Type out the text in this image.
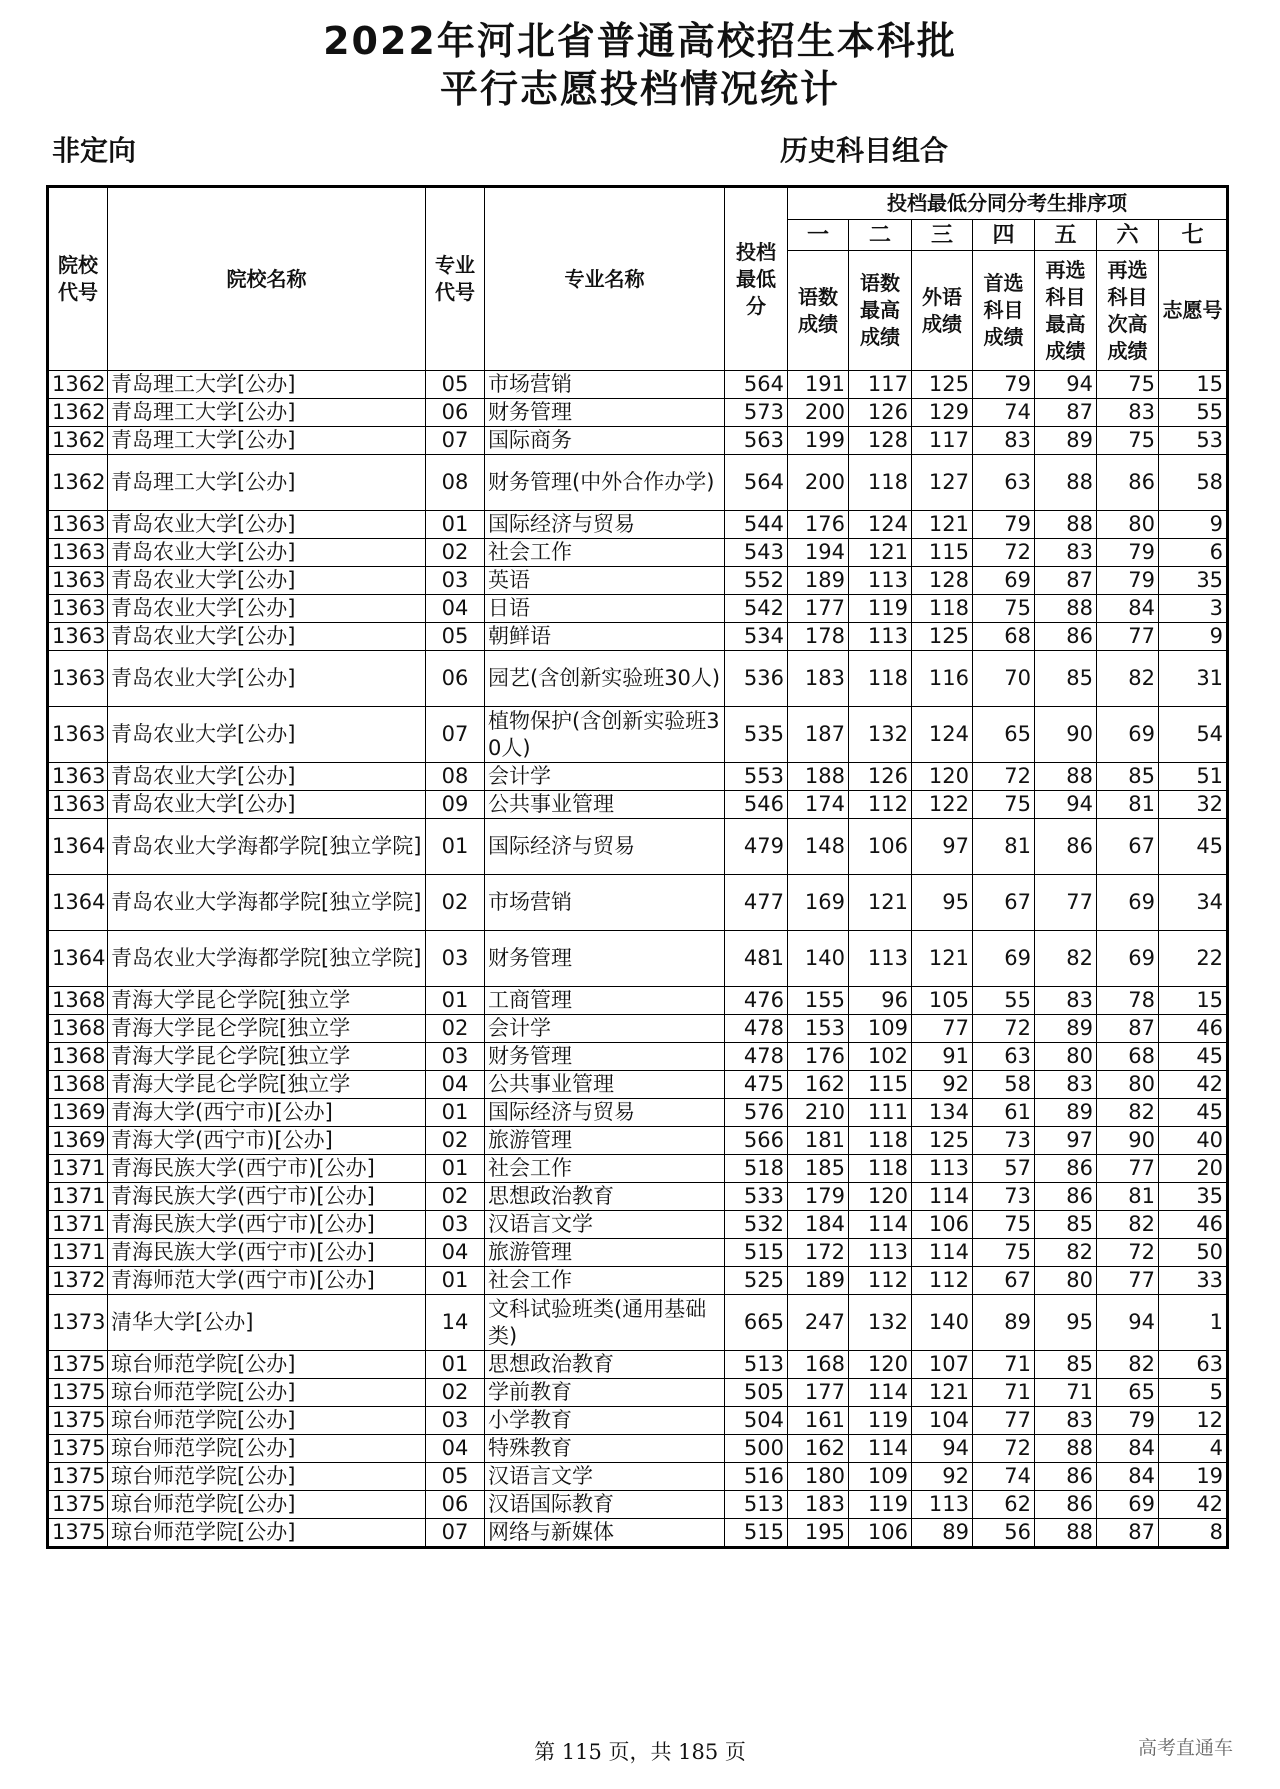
2022年河北省普通高校招生本科批
平行志愿投档情况统计
非定向	历史科目组合
院校代号	院校名称	专业代号	专业名称	投档最低分	投档最低分同分考生排序项						
					一	二	三	四	五	六	七
					语数成绩	语数最高成绩	外语成绩	首选科目成绩	再选科目最高成绩	再选科目次高成绩	志愿号
1362	青岛理工大学[公办]	05	市场营销	564	191	117	125	79	94	75	15
1362	青岛理工大学[公办]	06	财务管理	573	200	126	129	74	87	83	55
1362	青岛理工大学[公办]	07	国际商务	563	199	128	117	83	89	75	53
1362	青岛理工大学[公办]	08	财务管理(中外合作办学)	564	200	118	127	63	88	86	58
1363	青岛农业大学[公办]	01	国际经济与贸易	544	176	124	121	79	88	80	9
1363	青岛农业大学[公办]	02	社会工作	543	194	121	115	72	83	79	6
1363	青岛农业大学[公办]	03	英语	552	189	113	128	69	87	79	35
1363	青岛农业大学[公办]	04	日语	542	177	119	118	75	88	84	3
1363	青岛农业大学[公办]	05	朝鲜语	534	178	113	125	68	86	77	9
1363	青岛农业大学[公办]	06	园艺(含创新实验班30人)	536	183	118	116	70	85	82	31
1363	青岛农业大学[公办]	07	植物保护(含创新实验班30人)	535	187	132	124	65	90	69	54
1363	青岛农业大学[公办]	08	会计学	553	188	126	120	72	88	85	51
1363	青岛农业大学[公办]	09	公共事业管理	546	174	112	122	75	94	81	32
1364	青岛农业大学海都学院[独立学院]	01	国际经济与贸易	479	148	106	97	81	86	67	45
1364	青岛农业大学海都学院[独立学院]	02	市场营销	477	169	121	95	67	77	69	34
1364	青岛农业大学海都学院[独立学院]	03	财务管理	481	140	113	121	69	82	69	22
1368	青海大学昆仑学院[独立学	01	工商管理	476	155	96	105	55	83	78	15
1368	青海大学昆仑学院[独立学	02	会计学	478	153	109	77	72	89	87	46
1368	青海大学昆仑学院[独立学	03	财务管理	478	176	102	91	63	80	68	45
1368	青海大学昆仑学院[独立学	04	公共事业管理	475	162	115	92	58	83	80	42
1369	青海大学(西宁市)[公办]	01	国际经济与贸易	576	210	111	134	61	89	82	45
1369	青海大学(西宁市)[公办]	02	旅游管理	566	181	118	125	73	97	90	40
1371	青海民族大学(西宁市)[公办]	01	社会工作	518	185	118	113	57	86	77	20
1371	青海民族大学(西宁市)[公办]	02	思想政治教育	533	179	120	114	73	86	81	35
1371	青海民族大学(西宁市)[公办]	03	汉语言文学	532	184	114	106	75	85	82	46
1371	青海民族大学(西宁市)[公办]	04	旅游管理	515	172	113	114	75	82	72	50
1372	青海师范大学(西宁市)[公办]	01	社会工作	525	189	112	112	67	80	77	33
1373	清华大学[公办]	14	文科试验班类(通用基础类)	665	247	132	140	89	95	94	1
1375	琼台师范学院[公办]	01	思想政治教育	513	168	120	107	71	85	82	63
1375	琼台师范学院[公办]	02	学前教育	505	177	114	121	71	71	65	5
1375	琼台师范学院[公办]	03	小学教育	504	161	119	104	77	83	79	12
1375	琼台师范学院[公办]	04	特殊教育	500	162	114	94	72	88	84	4
1375	琼台师范学院[公办]	05	汉语言文学	516	180	109	92	74	86	84	19
1375	琼台师范学院[公办]	06	汉语国际教育	513	183	119	113	62	86	69	42
1375	琼台师范学院[公办]	07	网络与新媒体	515	195	106	89	56	88	87	8
第 115 页，共 185 页	高考直通车
